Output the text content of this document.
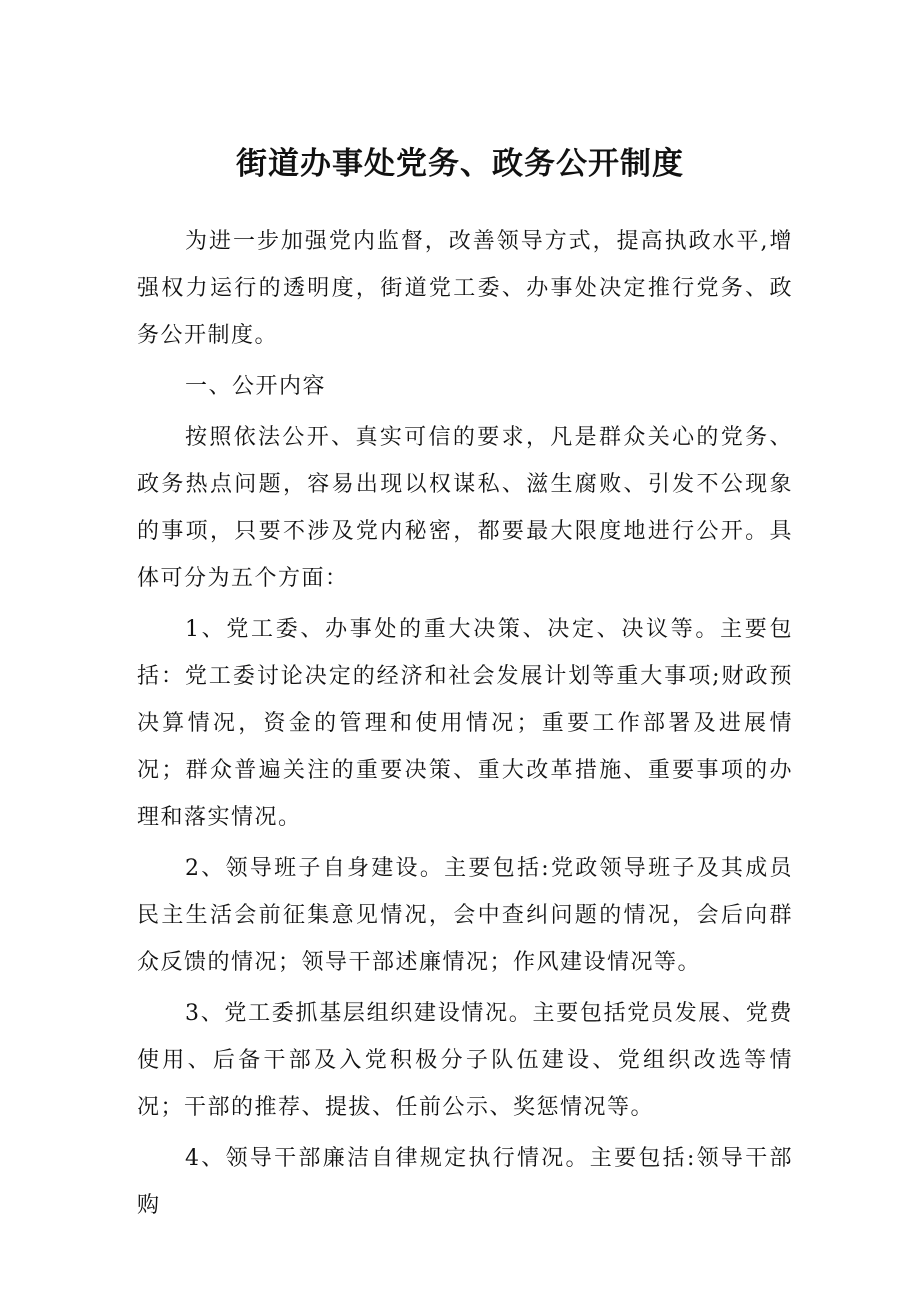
街道办事处党务、政务公开制度

为进一步加强党内监督，改善领导方式，提高执政水平,增强权力运行的透明度，街道党工委、办事处决定推行党务、政务公开制度。

一、公开内容

按照依法公开、真实可信的要求，凡是群众关心的党务、政务热点问题，容易出现以权谋私、滋生腐败、引发不公现象的事项，只要不涉及党内秘密，都要最大限度地进行公开。具体可分为五个方面：

1、党工委、办事处的重大决策、决定、决议等。主要包括：党工委讨论决定的经济和社会发展计划等重大事项;财政预决算情况，资金的管理和使用情况；重要工作部署及进展情况；群众普遍关注的重要决策、重大改革措施、重要事项的办理和落实情况。

2、领导班子自身建设。主要包括:党政领导班子及其成员民主生活会前征集意见情况，会中查纠问题的情况，会后向群众反馈的情况；领导干部述廉情况；作风建设情况等。

3、党工委抓基层组织建设情况。主要包括党员发展、党费使用、后备干部及入党积极分子队伍建设、党组织改选等情况；干部的推荐、提拔、任前公示、奖惩情况等。

4、领导干部廉洁自律规定执行情况。主要包括:领导干部购
